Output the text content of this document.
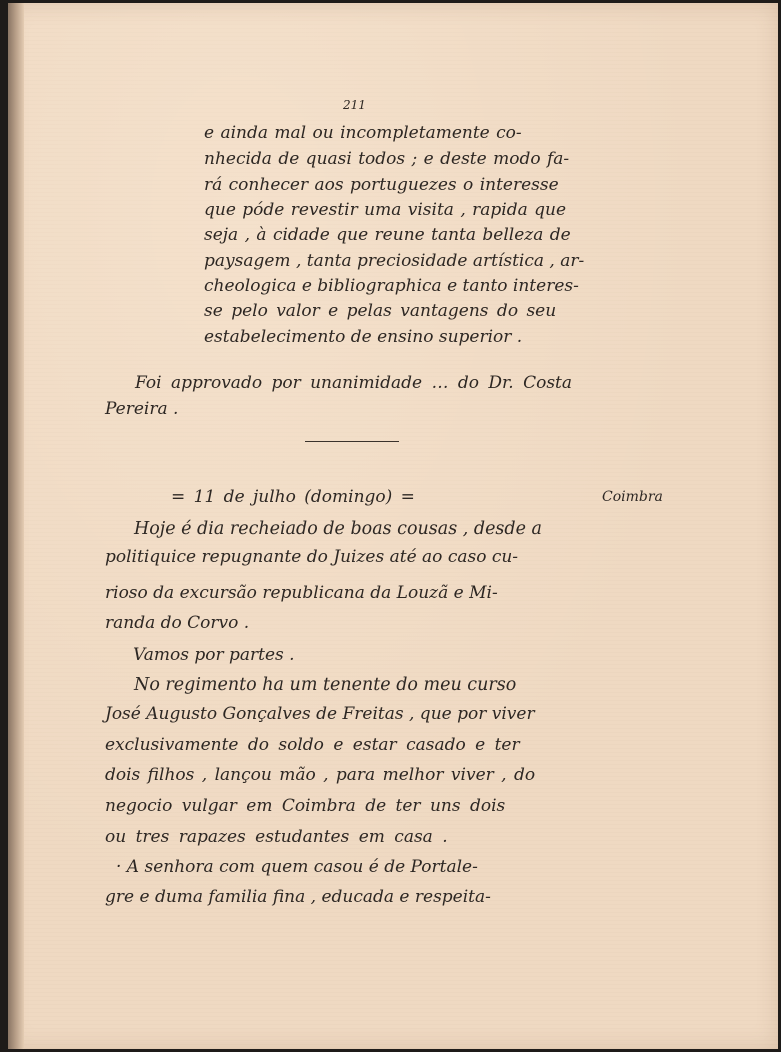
211

e ainda mal ou incompletamente co-

nhecida de quasi todos ; e deste modo fa-

rá conhecer aos portuguezes o interesse

que póde revestir uma visita , rapida que

seja , à cidade que reune tanta belleza de

paysagem , tanta preciosidade artística , ar-

cheologica e bibliographica e tanto interes-

se pelo valor e pelas vantagens do seu

estabelecimento de ensino superior .

Foi approvado por unanimidade … do Dr. Costa

Pereira .

= 11 de julho (domingo) =	Coimbra

Hoje é dia recheiado de boas cousas , desde a

politiquice repugnante do Juizes até ao caso cu-

rioso da excursão republicana da Louzã e Mi-

randa do Corvo .

Vamos por partes .

No regimento ha um tenente do meu curso

José Augusto Gonçalves de Freitas , que por viver

exclusivamente do soldo e estar casado e ter

dois filhos , lançou mão , para melhor viver , do

negocio vulgar em Coimbra de ter uns dois

ou tres rapazes estudantes em casa .

· A senhora com quem casou é de Portale-

gre e duma familia fina , educada e respeita-
